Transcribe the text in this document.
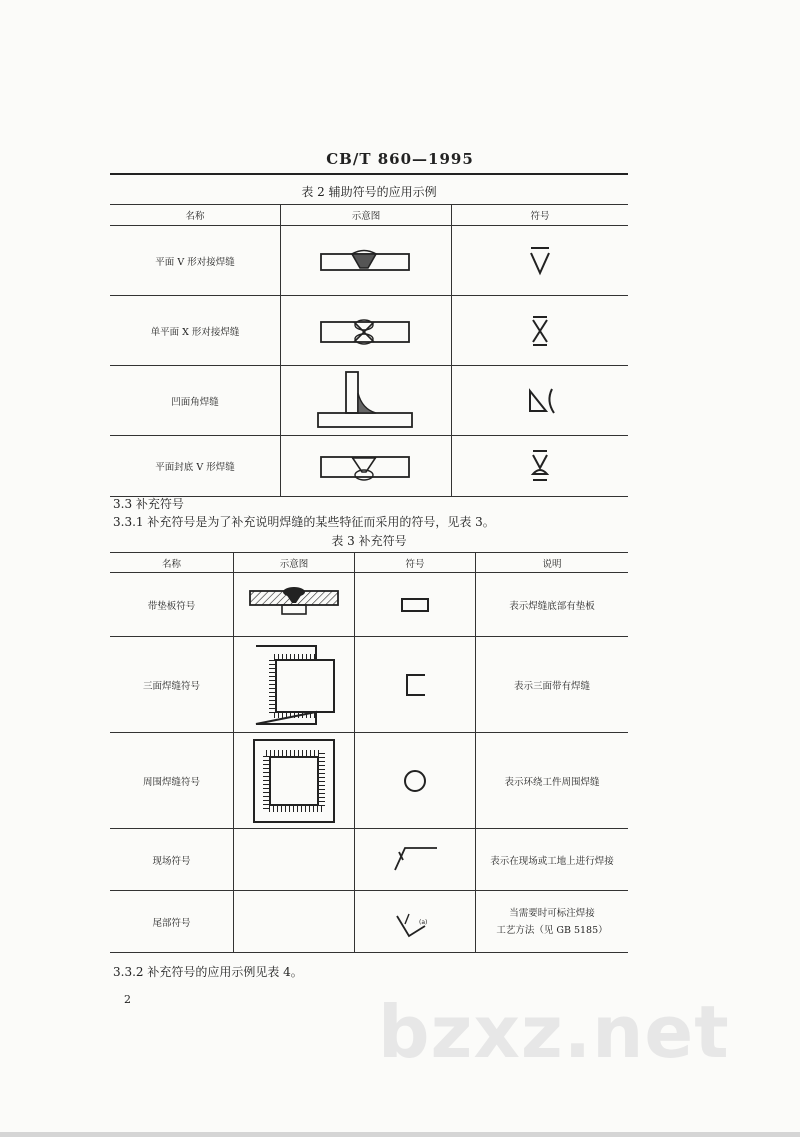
CB/T 860—1995
表 2 辅助符号的应用示例
名称	示意图	符号
平面 V 形对接焊缝	

单平面 X 形对接焊缝	

凹面角焊缝	

平面封底 V 形焊缝	

3.3 补充符号
3.3.1 补充符号是为了补充说明焊缝的某些特征而采用的符号，见表 3。
表 3 补充符号
名称	示意图	符号	说明
带垫板符号			表示焊缝底部有垫板
三面焊缝符号			表示三面带有焊缝
周围焊缝符号			表示环绕工件周围焊缝
现场符号			表示在现场或工地上进行焊接
尾部符号		(a)	当需要时可标注焊接
工艺方法（见 GB 5185）
3.3.2 补充符号的应用示例见表 4。
2	bzxz.net
